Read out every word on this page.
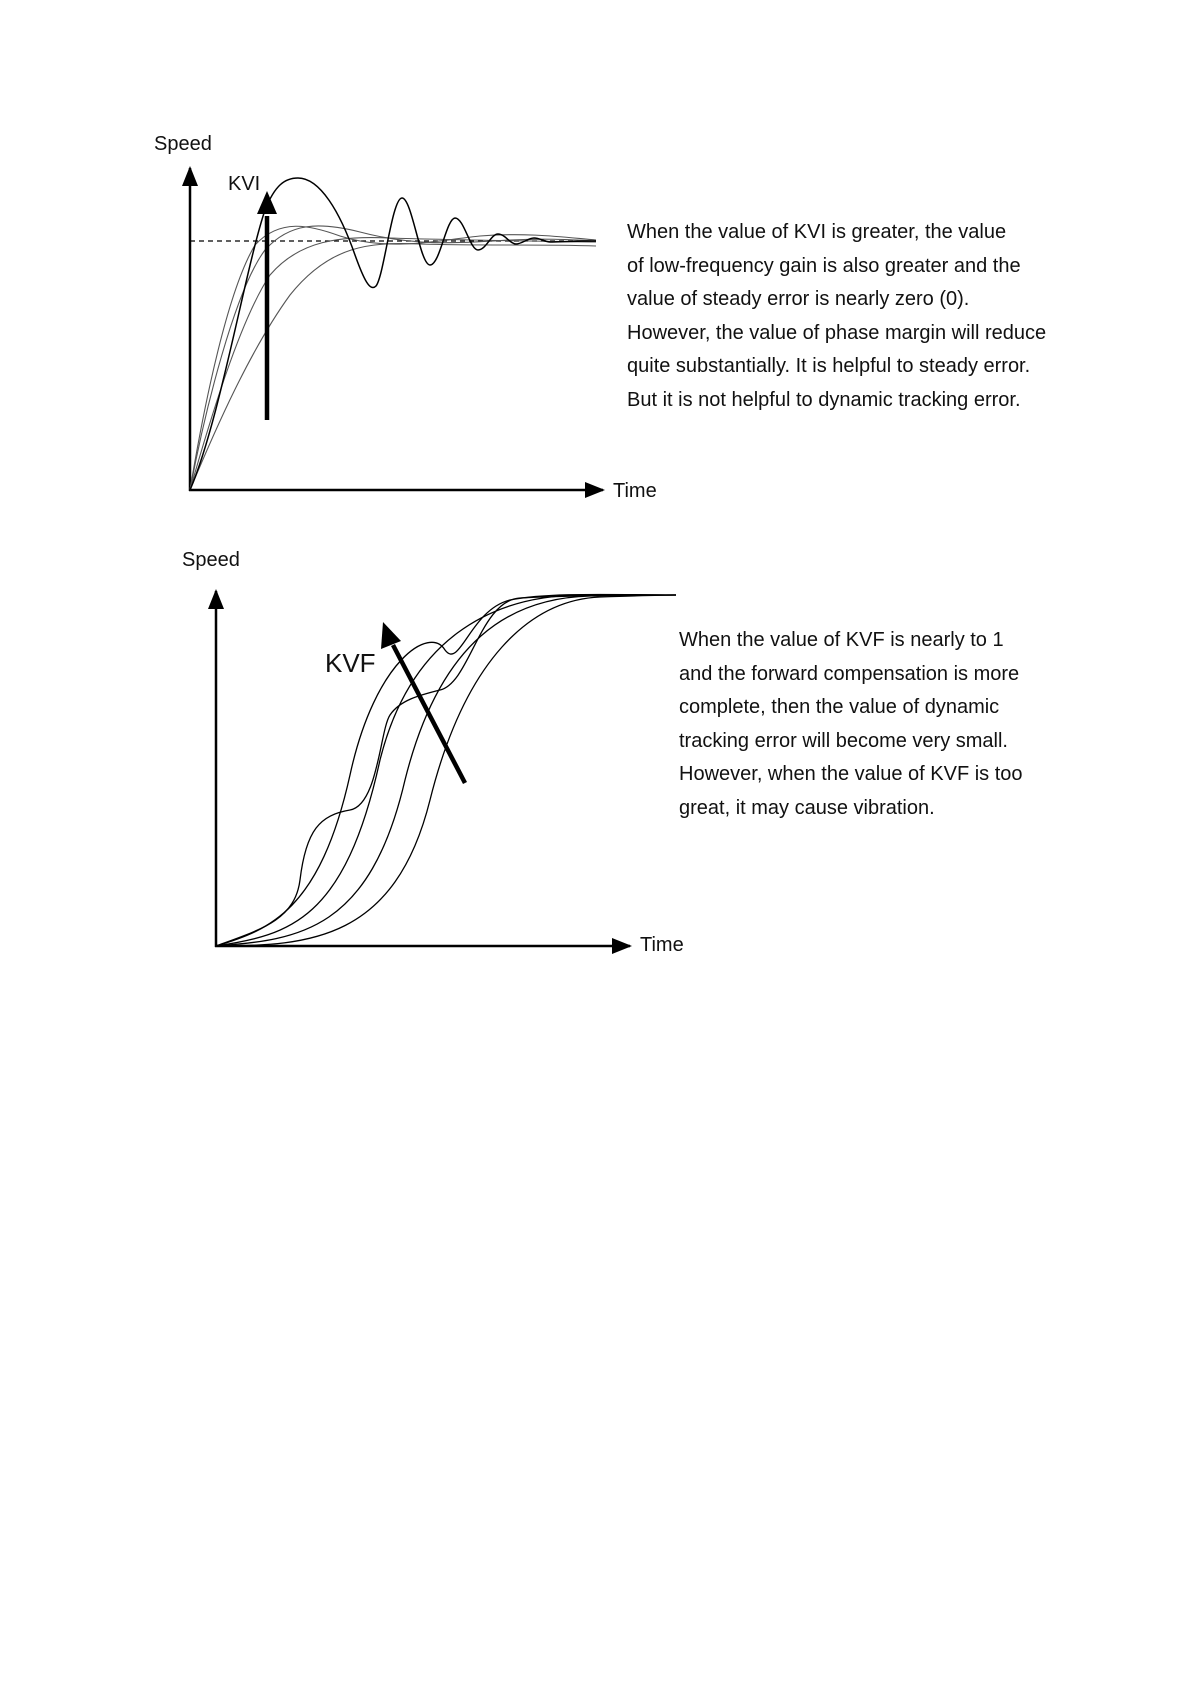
Speed
KVI
Time
When the value of KVI is greater, the value
of low-frequency gain is also greater and the
value of steady error is nearly zero (0).
However, the value of phase margin will reduce
quite substantially. It is helpful to steady error.
But it is not helpful to dynamic tracking error.
Speed
KVF
Time
When the value of KVF is nearly to 1
and the forward compensation is more
complete, then the value of dynamic
tracking error will become very small.
However, when the value of KVF is too
great, it may cause vibration.
